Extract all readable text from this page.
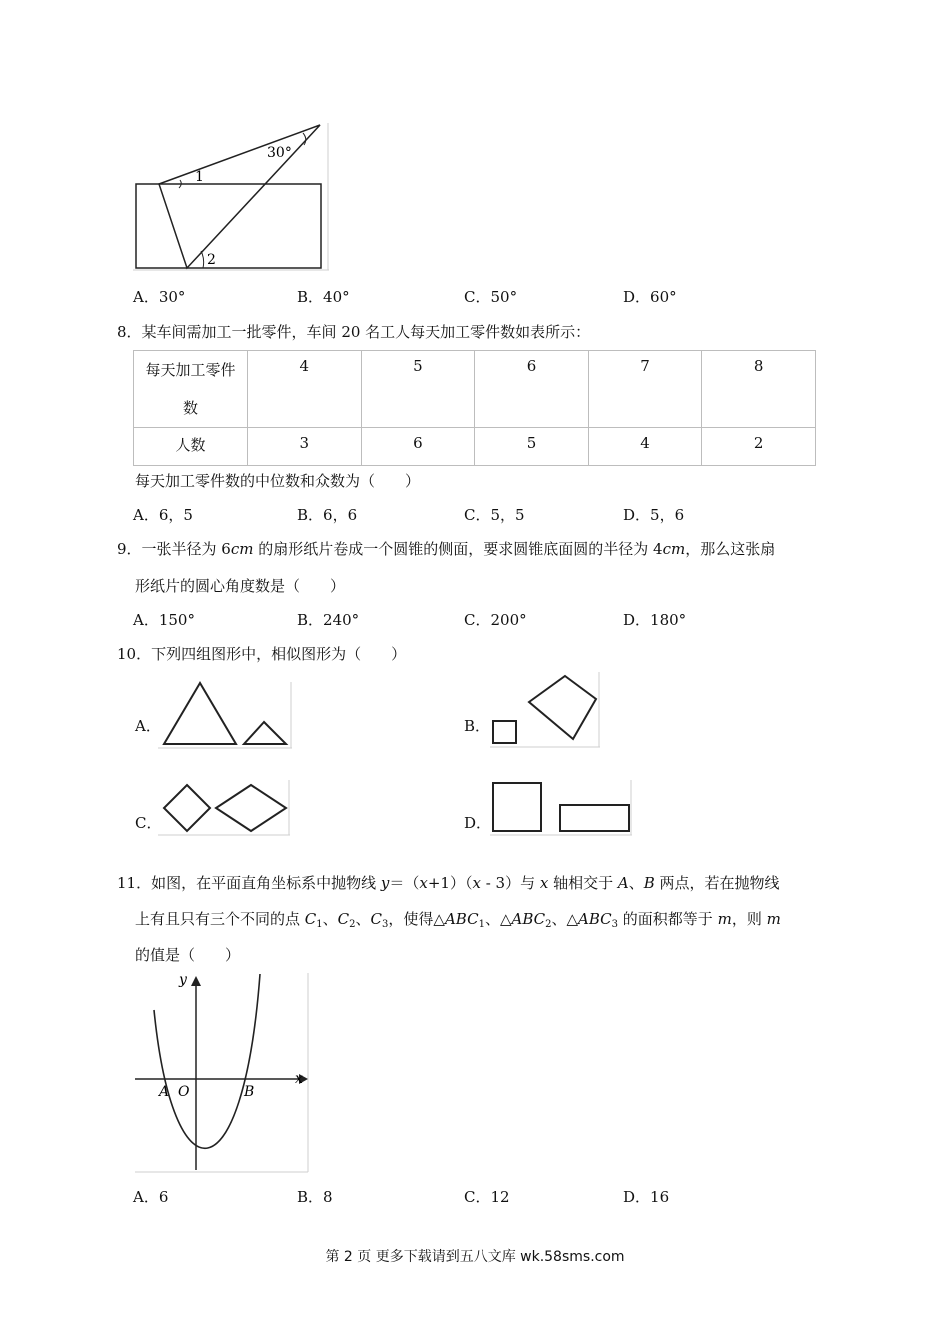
30°
1
2
A．30°	B．40°	C．50°	D．60°
8．某车间需加工一批零件，车间 20 名工人每天加工零件数如表所示：
每天加工零件
数	4	5	6	7	8
人数	3	6	5	4	2
每天加工零件数的中位数和众数为（　　）
A．6，5	B．6，6	C．5，5	D．5，6
9．一张半径为 6cm 的扇形纸片卷成一个圆锥的侧面，要求圆锥底面圆的半径为 4cm，那么这张扇
形纸片的圆心角度数是（　　）
A．150°	B．240°	C．200°	D．180°
10．下列四组图形中，相似图形为（　　）
A．	B．
C．	D．
11．如图，在平面直角坐标系中抛物线 y＝（x+1）（x - 3）与 x 轴相交于 A、B 两点，若在抛物线
上有且只有三个不同的点 $C_1$、$C_2$、$C_3$，使得$\triangle ABC_1$、$\triangle ABC_2$、$\triangle ABC_3$ 的面积都等于 m，则 m
的值是（　　）
y
x
A O	B
A．6	B．8	C．12	D．16
第 2 页 更多下载请到五八文库 wk.58sms.com
